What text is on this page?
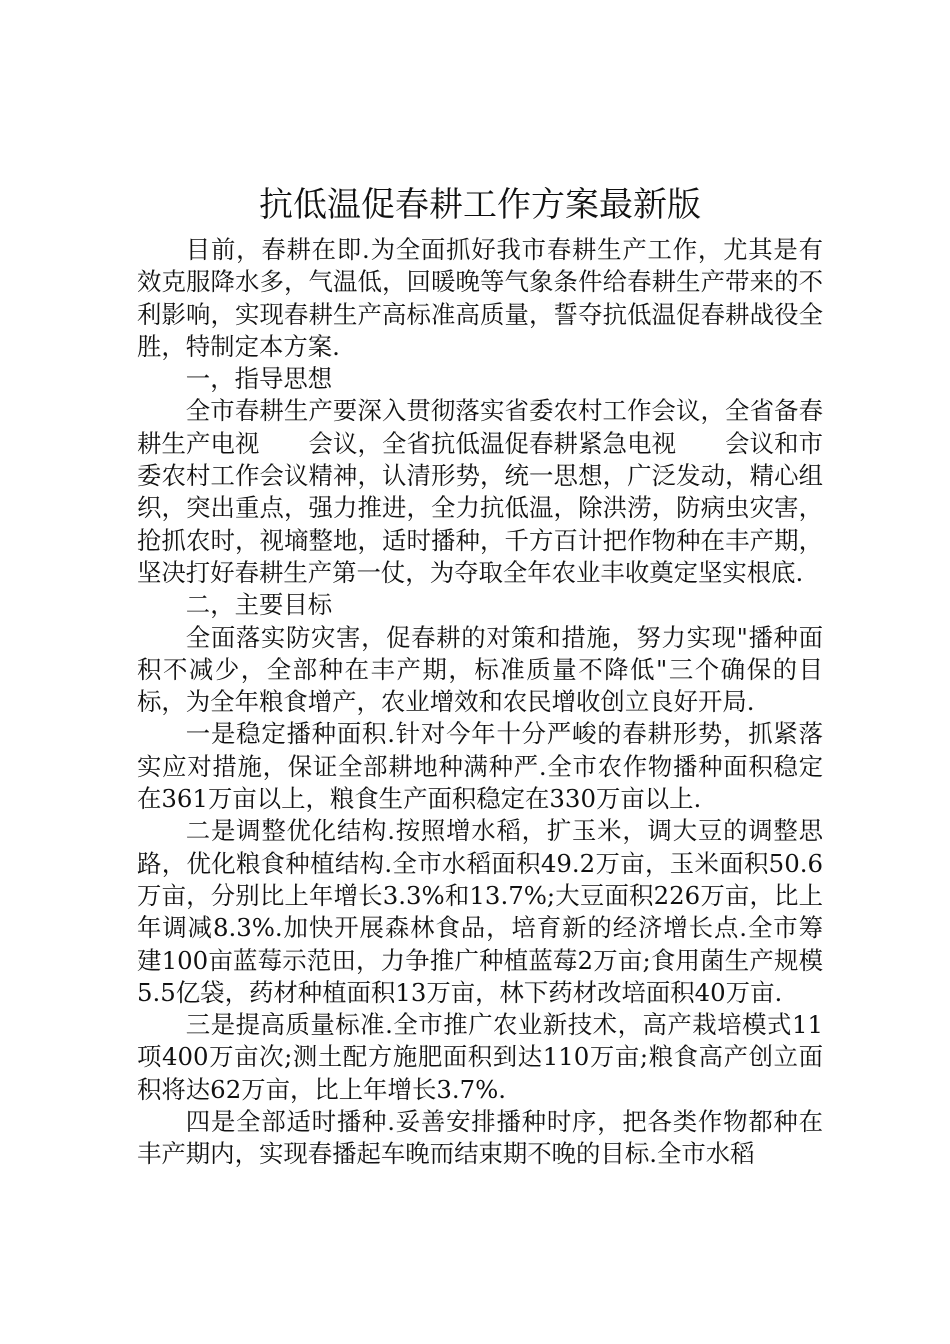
抗低温促春耕工作方案最新版

目前，春耕在即.为全面抓好我市春耕生产工作，尤其是有效克服降水多，气温低，回暖晚等气象条件给春耕生产带来的不利影响，实现春耕生产高标准高质量，誓夺抗低温促春耕战役全胜，特制定本方案.

一，指导思想

全市春耕生产要深入贯彻落实省委农村工作会议，全省备春耕生产电视　　会议，全省抗低温促春耕紧急电视　　会议和市委农村工作会议精神，认清形势，统一思想，广泛发动，精心组织，突出重点，强力推进，全力抗低温，除洪涝，防病虫灾害，抢抓农时，视墒整地，适时播种，千方百计把作物种在丰产期，坚决打好春耕生产第一仗，为夺取全年农业丰收奠定坚实根底.

二，主要目标

全面落实防灾害，促春耕的对策和措施，努力实现"播种面积不减少，全部种在丰产期，标准质量不降低"三个确保的目标，为全年粮食增产，农业增效和农民增收创立良好开局.

一是稳定播种面积.针对今年十分严峻的春耕形势，抓紧落实应对措施，保证全部耕地种满种严.全市农作物播种面积稳定在361万亩以上，粮食生产面积稳定在330万亩以上.

二是调整优化结构.按照增水稻，扩玉米，调大豆的调整思路，优化粮食种植结构.全市水稻面积49.2万亩，玉米面积50.6万亩，分别比上年增长3.3%和13.7%;大豆面积226万亩，比上年调减8.3%.加快开展森林食品，培育新的经济增长点.全市筹建100亩蓝莓示范田，力争推广种植蓝莓2万亩;食用菌生产规模5.5亿袋，药材种植面积13万亩，林下药材改培面积40万亩.

三是提高质量标准.全市推广农业新技术，高产栽培模式11项400万亩次;测土配方施肥面积到达110万亩;粮食高产创立面积将达62万亩，比上年增长3.7%.

四是全部适时播种.妥善安排播种时序，把各类作物都种在丰产期内，实现春播起车晚而结束期不晚的目标.全市水稻
